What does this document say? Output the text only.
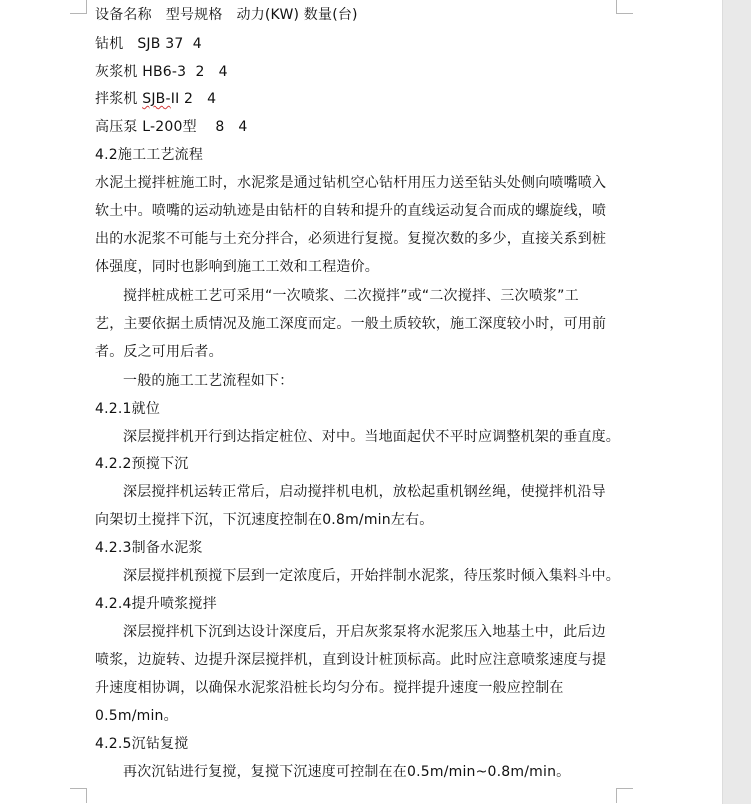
设备名称   型号规格   动力(KW) 数量(台)
钻机   SJB 37  4
灰浆机 HB6-3  2   4
拌浆机 SJB-II 2   4
高压泵 L-200型    8   4
4.2施工工艺流程
水泥土搅拌桩施工时，水泥浆是通过钻机空心钻杆用压力送至钻头处侧向喷嘴喷入
软土中。喷嘴的运动轨迹是由钻杆的自转和提升的直线运动复合而成的螺旋线，喷
出的水泥浆不可能与土充分拌合，必须进行复搅。复搅次数的多少，直接关系到桩
体强度，同时也影响到施工工效和工程造价。
搅拌桩成桩工艺可采用“一次喷浆、二次搅拌”或“二次搅拌、三次喷浆”工
艺，主要依据土质情况及施工深度而定。一般土质较软，施工深度较小时，可用前
者。反之可用后者。
一般的施工工艺流程如下：
4.2.1就位
深层搅拌机开行到达指定桩位、对中。当地面起伏不平时应调整机架的垂直度。
4.2.2预搅下沉
深层搅拌机运转正常后，启动搅拌机电机，放松起重机钢丝绳，使搅拌机沿导
向架切土搅拌下沉，下沉速度控制在0.8m/min左右。
4.2.3制备水泥浆
深层搅拌机预搅下层到一定浓度后，开始拌制水泥浆，待压浆时倾入集料斗中。
4.2.4提升喷浆搅拌
深层搅拌机下沉到达设计深度后，开启灰浆泵将水泥浆压入地基土中，此后边
喷浆，边旋转、边提升深层搅拌机，直到设计桩顶标高。此时应注意喷浆速度与提
升速度相协调，以确保水泥浆沿桩长均匀分布。搅拌提升速度一般应控制在
0.5m/min。
4.2.5沉钻复搅
再次沉钻进行复搅，复搅下沉速度可控制在在0.5m/min~0.8m/min。
